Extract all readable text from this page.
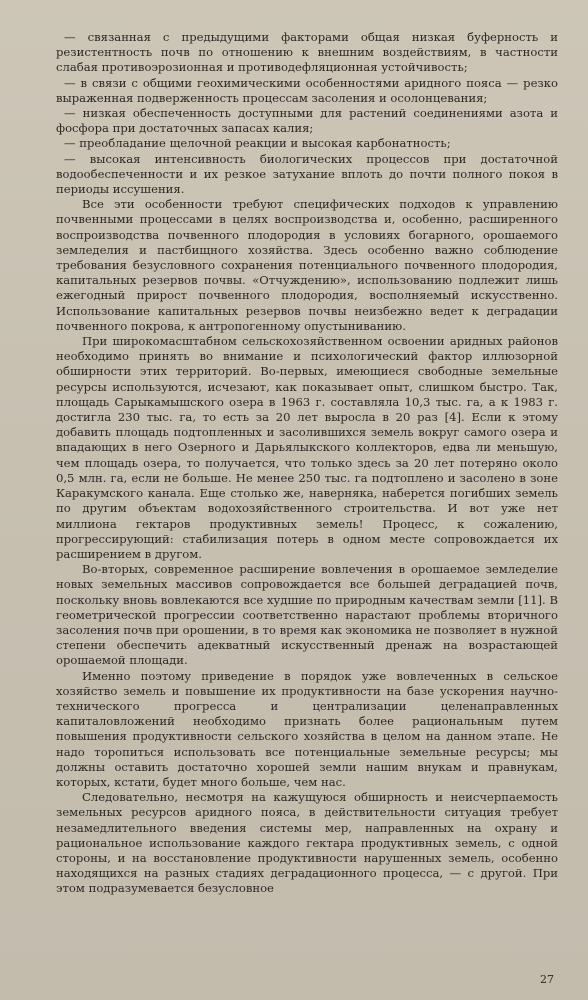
— связанная с предыдущими факторами общая низкая буферность и резистентность почв по отношению к внешним воздействиям, в частности слабая противоэрозионная и противодефляционная устойчивость;

— в связи с общими геохимическими особенностями аридного пояса — резко выраженная подверженность процессам засоления и осолонцевания;

— низкая обеспеченность доступными для растений соединениями азота и фосфора при достаточных запасах калия;

— преобладание щелочной реакции и высокая карбонатность;

— высокая интенсивность биологических процессов при достаточной водообеспеченности и их резкое затухание вплоть до почти полного покоя в периоды иссушения.

Все эти особенности требуют специфических подходов к управлению почвенными процессами в целях воспроизводства и, особенно, расширенного воспроизводства почвенного плодородия в условиях богарного, орошаемого земледелия и пастбищного хозяйства. Здесь особенно важно соблюдение требования безусловного сохранения потенциального почвенного плодородия, капитальных резервов почвы. «Отчуждению», использованию подлежит лишь ежегодный прирост почвенного плодородия, восполняемый искусственно. Использование капитальных резервов почвы неизбежно ведет к деградации почвенного покрова, к антропогенному опустыниванию.

При широкомасштабном сельскохозяйственном освоении аридных районов необходимо принять во внимание и психологический фактор иллюзорной обширности этих территорий. Во-первых, имеющиеся свободные земельные ресурсы используются, исчезают, как показывает опыт, слишком быстро. Так, площадь Сарыкамышского озера в 1963 г. составляла 10,3 тыс. га, а к 1983 г. достигла 230 тыс. га, то есть за 20 лет выросла в 20 раз [4]. Если к этому добавить площадь подтопленных и засолившихся земель вокруг самого озера и впадающих в него Озерного и Дарьялыкского коллекторов, едва ли меньшую, чем площадь озера, то получается, что только здесь за 20 лет потеряно около 0,5 млн. га, если не больше. Не менее 250 тыс. га подтоплено и засолено в зоне Каракумского канала. Еще столько же, наверняка, наберется погибших земель по другим объектам водохозяйственного строительства. И вот уже нет миллиона гектаров продуктивных земель! Процесс, к сожалению, прогрессирующий: стабилизация потерь в одном месте сопровождается их расширением в другом.

Во-вторых, современное расширение вовлечения в орошаемое земледелие новых земельных массивов сопровождается все большей деградацией почв, поскольку вновь вовлекаются все худшие по природным качествам земли [11]. В геометрической прогрессии соответственно нарастают проблемы вторичного засоления почв при орошении, в то время как экономика не позволяет в нужной степени обеспечить адекватный искусственный дренаж на возрастающей орошаемой площади.

Именно поэтому приведение в порядок уже вовлеченных в сельское хозяйство земель и повышение их продуктивности на базе ускорения научно-технического прогресса и централизации целенаправленных капиталовложений необходимо признать более рациональным путем повышения продуктивности сельского хозяйства в целом на данном этапе. Не надо торопиться использовать все потенциальные земельные ресурсы; мы должны оставить достаточно хорошей земли нашим внукам и правнукам, которых, кстати, будет много больше, чем нас.

Следовательно, несмотря на кажущуюся обширность и неисчерпаемость земельных ресурсов аридного пояса, в действительности ситуация требует незамедлительного введения системы мер, направленных на охрану и рациональное использование каждого гектара продуктивных земель, с одной стороны, и на восстановление продуктивности нарушенных земель, особенно находящихся на разных стадиях деградационного процесса, — с другой. При этом подразумевается безусловное

27
